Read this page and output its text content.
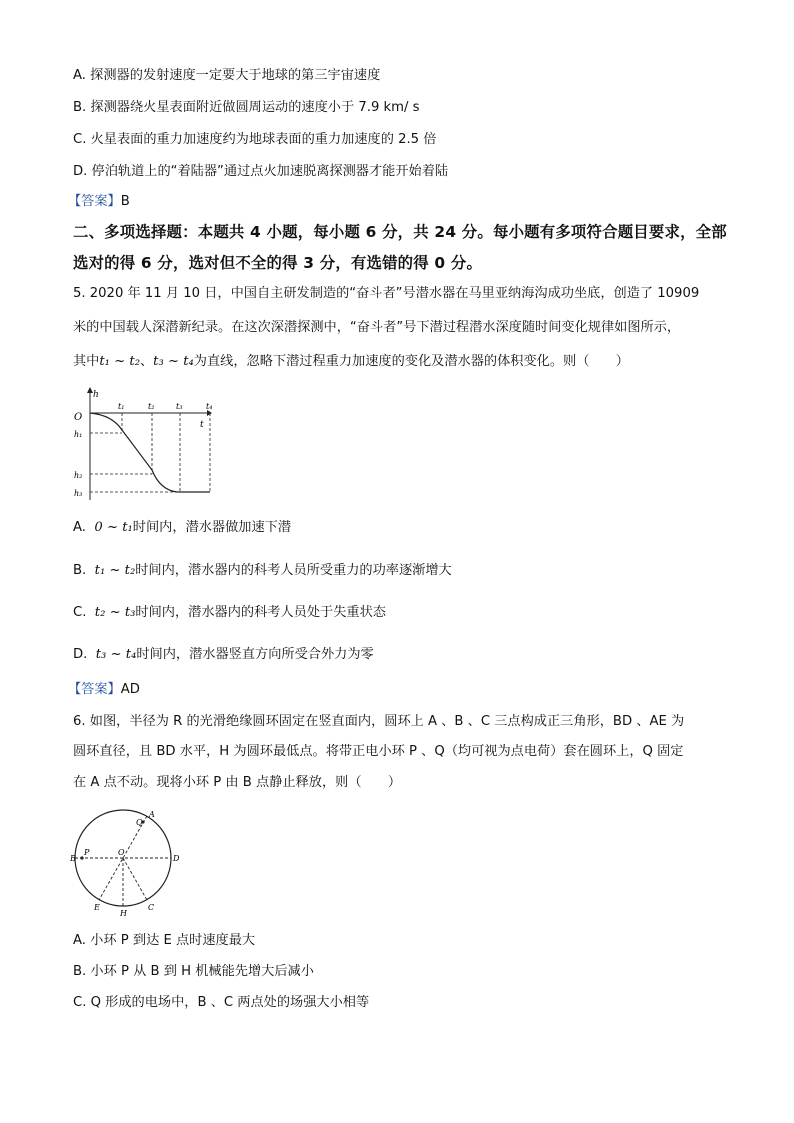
A. 探测器的发射速度一定要大于地球的第三宇宙速度
B. 探测器绕火星表面附近做圆周运动的速度小于 7.9 km/ s
C. 火星表面的重力加速度约为地球表面的重力加速度的 2.5 倍
D. 停泊轨道上的“着陆器”通过点火加速脱离探测器才能开始着陆
【答案】B
二、多项选择题：本题共 4 小题，每小题 6 分，共 24 分。每小题有多项符合题目要求，全部
选对的得 6 分，选对但不全的得 3 分，有选错的得 0 分。
5. 2020 年 11 月 10 日，中国自主研发制造的“奋斗者”号潜水器在马里亚纳海沟成功坐底，创造了 10909
米的中国载人深潜新纪录。在这次深潜探测中，“奋斗者”号下潜过程潜水深度随时间变化规律如图所示，
其中t₁ ~ t₂、t₃ ~ t₄为直线，忽略下潜过程重力加速度的变化及潜水器的体积变化。则（　　）
h
t
O
t₁	t₂	t₃	t₄
h₁
h₂
h₃
A. 0 ~ t₁时间内，潜水器做加速下潜
B. t₁ ~ t₂时间内，潜水器内的科考人员所受重力的功率逐渐增大
C. t₂ ~ t₃时间内，潜水器内的科考人员处于失重状态
D. t₃ ~ t₄时间内，潜水器竖直方向所受合外力为零
【答案】AD
6. 如图，半径为 R 的光滑绝缘圆环固定在竖直面内，圆环上 A 、B 、C 三点构成正三角形，BD 、AE 为
圆环直径，且 BD 水平，H 为圆环最低点。将带正电小环 P 、Q（均可视为点电荷）套在圆环上，Q 固定
在 A 点不动。现将小环 P 由 B 点静止释放，则（　　）
A
Q
B
P	O
D
E
H
C
A. 小环 P 到达 E 点时速度最大
B. 小环 P 从 B 到 H 机械能先增大后减小
C. Q 形成的电场中，B 、C 两点处的场强大小相等
